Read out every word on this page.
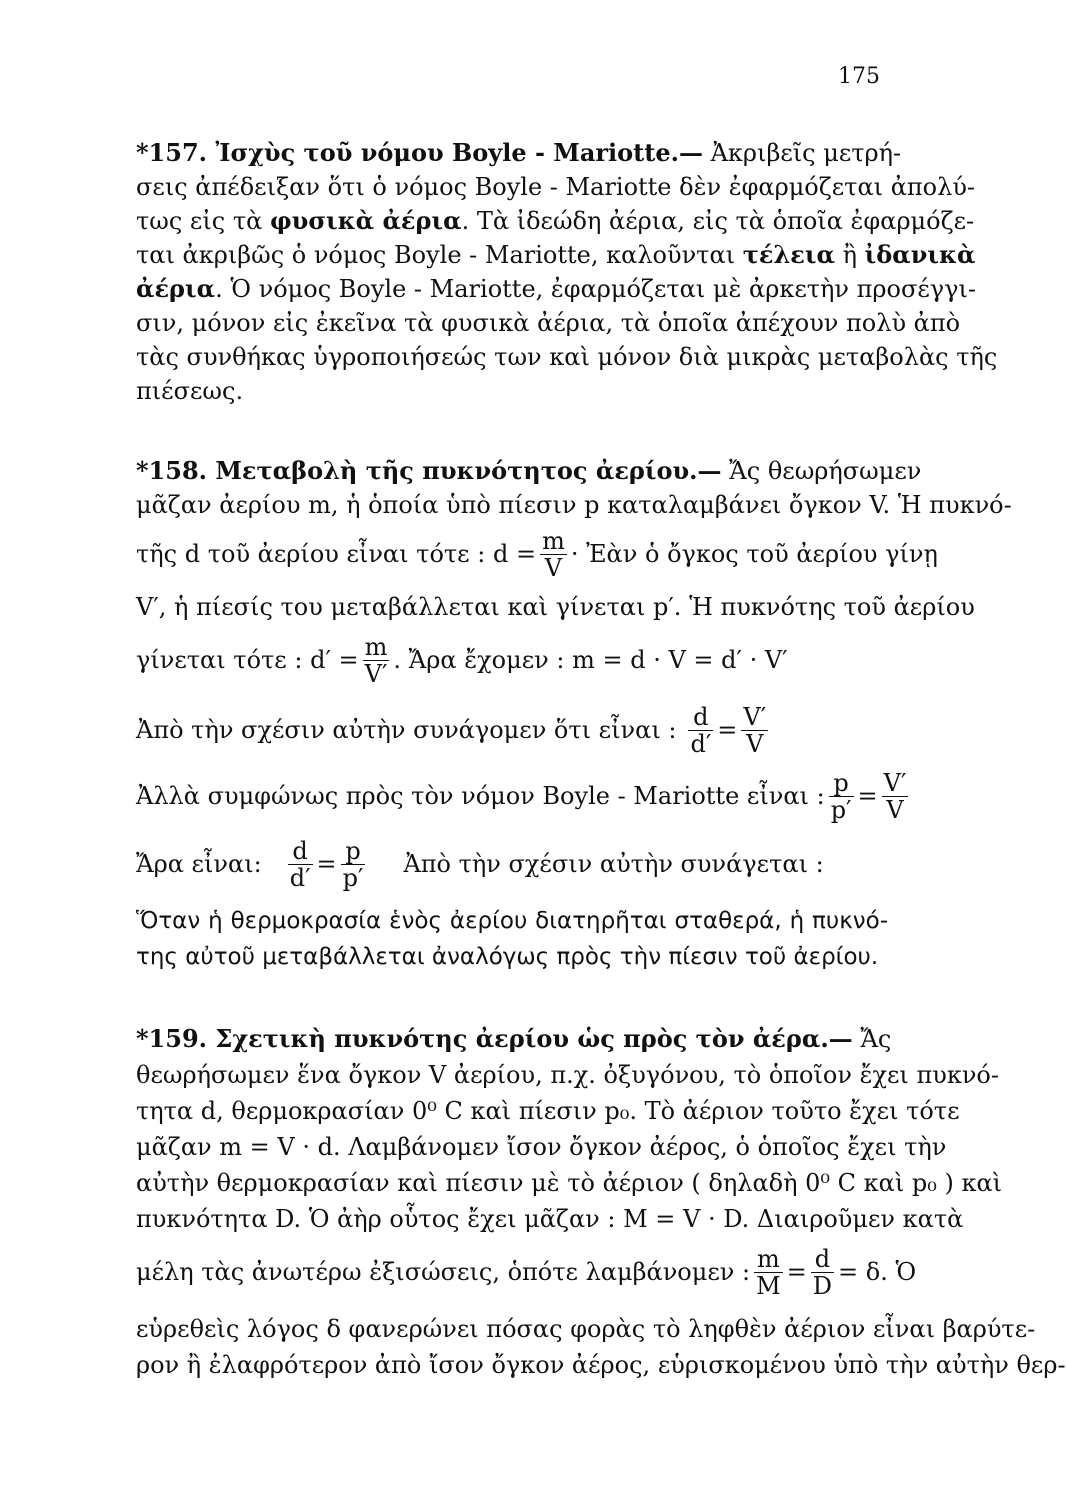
175
*157. Ἰσχὺς τοῦ νόμου Boyle - Mariotte.— Ἀκριβεῖς μετρή-
σεις ἀπέδειξαν ὅτι ὁ νόμος Boyle - Mariotte δὲν ἐφαρμόζεται ἀπολύ-
τως εἰς τὰ φυσικὰ ἀέρια. Τὰ ἰδεώδη ἀέρια, εἰς τὰ ὁποῖα ἐφαρμόζε-
ται ἀκριβῶς ὁ νόμος Boyle - Mariotte, καλοῦνται τέλεια ἢ ἰδανικὰ
ἀέρια. Ὁ νόμος Boyle - Mariotte, ἐφαρμόζεται μὲ ἀρκετὴν προσέγγι-
σιν, μόνον εἰς ἐκεῖνα τὰ φυσικὰ ἀέρια, τὰ ὁποῖα ἀπέχουν πολὺ ἀπὸ
τὰς συνθήκας ὑγροποιήσεώς των καὶ μόνον διὰ μικρὰς μεταβολὰς τῆς
πιέσεως.
*158. Μεταβολὴ τῆς πυκνότητος ἀερίου.— Ἄς θεωρήσωμεν
μᾶζαν ἀερίου m, ἡ ὁποία ὑπὸ πίεσιν p καταλαμβάνει ὄγκον V. Ἡ πυκνό-
τῆς d τοῦ ἀερίου εἶναι τότε : $d = \frac{m}{V}$ · Ἐὰν ὁ ὄγκος τοῦ ἀερίου γίνῃ
V′, ἡ πίεσίς του μεταβάλλεται καὶ γίνεται p′. Ἡ πυκνότης τοῦ ἀερίου
γίνεται τότε : $d' = \frac{m}{V'}$ . Ἄρα ἔχομεν : m = d · V = d′ · V′
Ἀπὸ τὴν σχέσιν αὐτὴν συνάγομεν ὅτι εἶναι : $\frac{d}{d'} = \frac{V'}{V}$
Ἀλλὰ συμφώνως πρὸς τὸν νόμον Boyle - Mariotte εἶναι : $\frac{p}{p'} = \frac{V'}{V}$
Ἄρα εἶναι: $\frac{d}{d'} = \frac{p}{p'}$ Ἀπὸ τὴν σχέσιν αὐτὴν συνάγεται :
Ὅταν ἡ θερμοκρασία ἑνὸς ἀερίου διατηρῆται σταθερά, ἡ πυκνό-
της αὐτοῦ μεταβάλλεται ἀναλόγως πρὸς τὴν πίεσιν τοῦ ἀερίου.
*159. Σχετικὴ πυκνότης ἀερίου ὡς πρὸς τὸν ἀέρα.— Ἄς
θεωρήσωμεν ἕνα ὄγκον V ἀερίου, π.χ. ὀξυγόνου, τὸ ὁποῖον ἔχει πυκνό-
τητα d, θερμοκρασίαν 0⁰ C καὶ πίεσιν p₀. Τὸ ἀέριον τοῦτο ἔχει τότε
μᾶζαν m = V · d. Λαμβάνομεν ἴσον ὄγκον ἀέρος, ὁ ὁποῖος ἔχει τὴν
αὐτὴν θερμοκρασίαν καὶ πίεσιν μὲ τὸ ἀέριον ( δηλαδὴ 0⁰ C καὶ p₀ ) καὶ
πυκνότητα D. Ὁ ἀὴρ οὗτος ἔχει μᾶζαν : M = V · D. Διαιροῦμεν κατὰ
μέλη τὰς ἀνωτέρω ἐξισώσεις, ὁπότε λαμβάνομεν : $\frac{m}{M} = \frac{d}{D} = \delta$. Ὁ
εὑρεθεὶς λόγος δ φανερώνει πόσας φορὰς τὸ ληφθὲν ἀέριον εἶναι βαρύτε-
ρον ἢ ἐλαφρότερον ἀπὸ ἴσον ὄγκον ἀέρος, εὑρισκομένου ὑπὸ τὴν αὐτὴν θερ-
